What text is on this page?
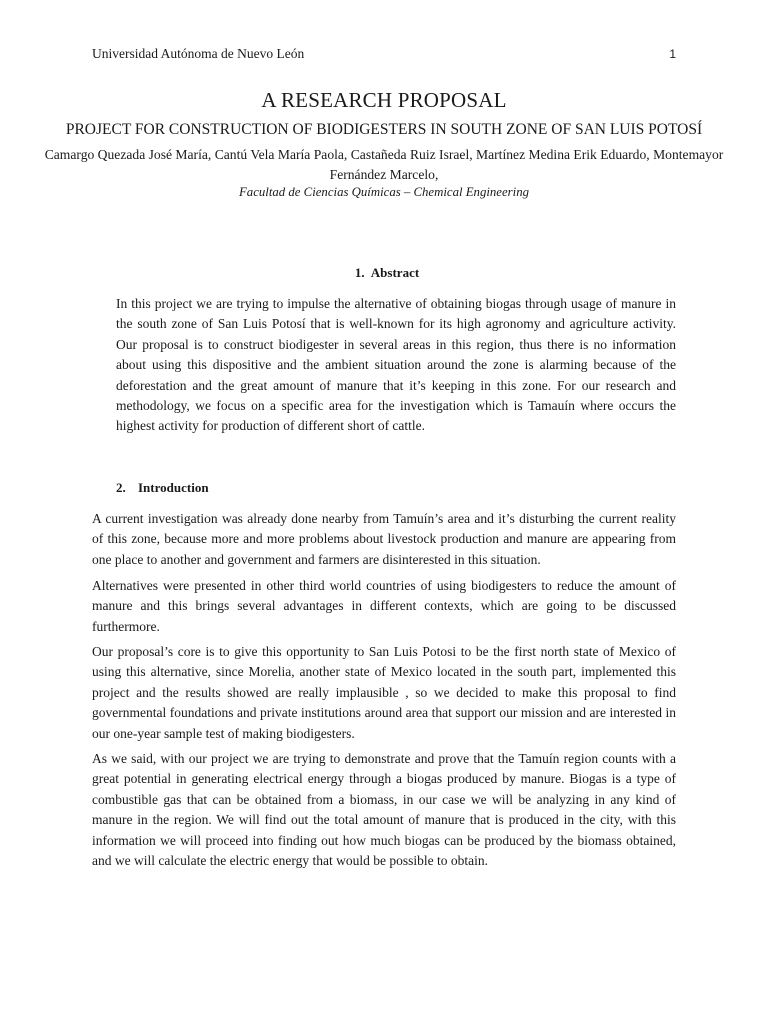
Universidad Autónoma de Nuevo León	1
A RESEARCH PROPOSAL
PROJECT FOR CONSTRUCTION OF BIODIGESTERS IN SOUTH ZONE OF SAN LUIS POTOSÍ
Camargo Quezada José María, Cantú Vela María Paola, Castañeda Ruiz Israel, Martínez Medina Erik Eduardo, Montemayor Fernández Marcelo,
Facultad de Ciencias Químicas – Chemical Engineering
1. Abstract

In this project we are trying to impulse the alternative of obtaining biogas through usage of manure in the south zone of San Luis Potosí that is well-known for its high agronomy and agriculture activity. Our proposal is to construct biodigester in several areas in this region, thus there is no information about using this dispositive and the ambient situation around the zone is alarming because of the deforestation and the great amount of manure that it’s keeping in this zone. For our research and methodology, we focus on a specific area for the investigation which is Tamauín where occurs the highest activity for production of different short of cattle.

2. Introduction

A current investigation was already done nearby from Tamuín’s area and it’s disturbing the current reality of this zone, because more and more problems about livestock production and manure are appearing from one place to another and government and farmers are disinterested in this situation.

Alternatives were presented in other third world countries of using biodigesters to reduce the amount of manure and this brings several advantages in different contexts, which are going to be discussed furthermore.

Our proposal’s core is to give this opportunity to San Luis Potosi to be the first north state of Mexico of using this alternative, since Morelia, another state of Mexico located in the south part, implemented this project and the results showed are really implausible , so we decided to make this proposal to find governmental foundations and private institutions around area that support our mission and are interested in our one-year sample test of making biodigesters.

As we said, with our project we are trying to demonstrate and prove that the Tamuín region counts with a great potential in generating electrical energy through a biogas produced by manure. Biogas is a type of combustible gas that can be obtained from a biomass, in our case we will be analyzing in any kind of manure in the region. We will find out the total amount of manure that is produced in the city, with this information we will proceed into finding out how much biogas can be produced by the biomass obtained, and we will calculate the electric energy that would be possible to obtain.
